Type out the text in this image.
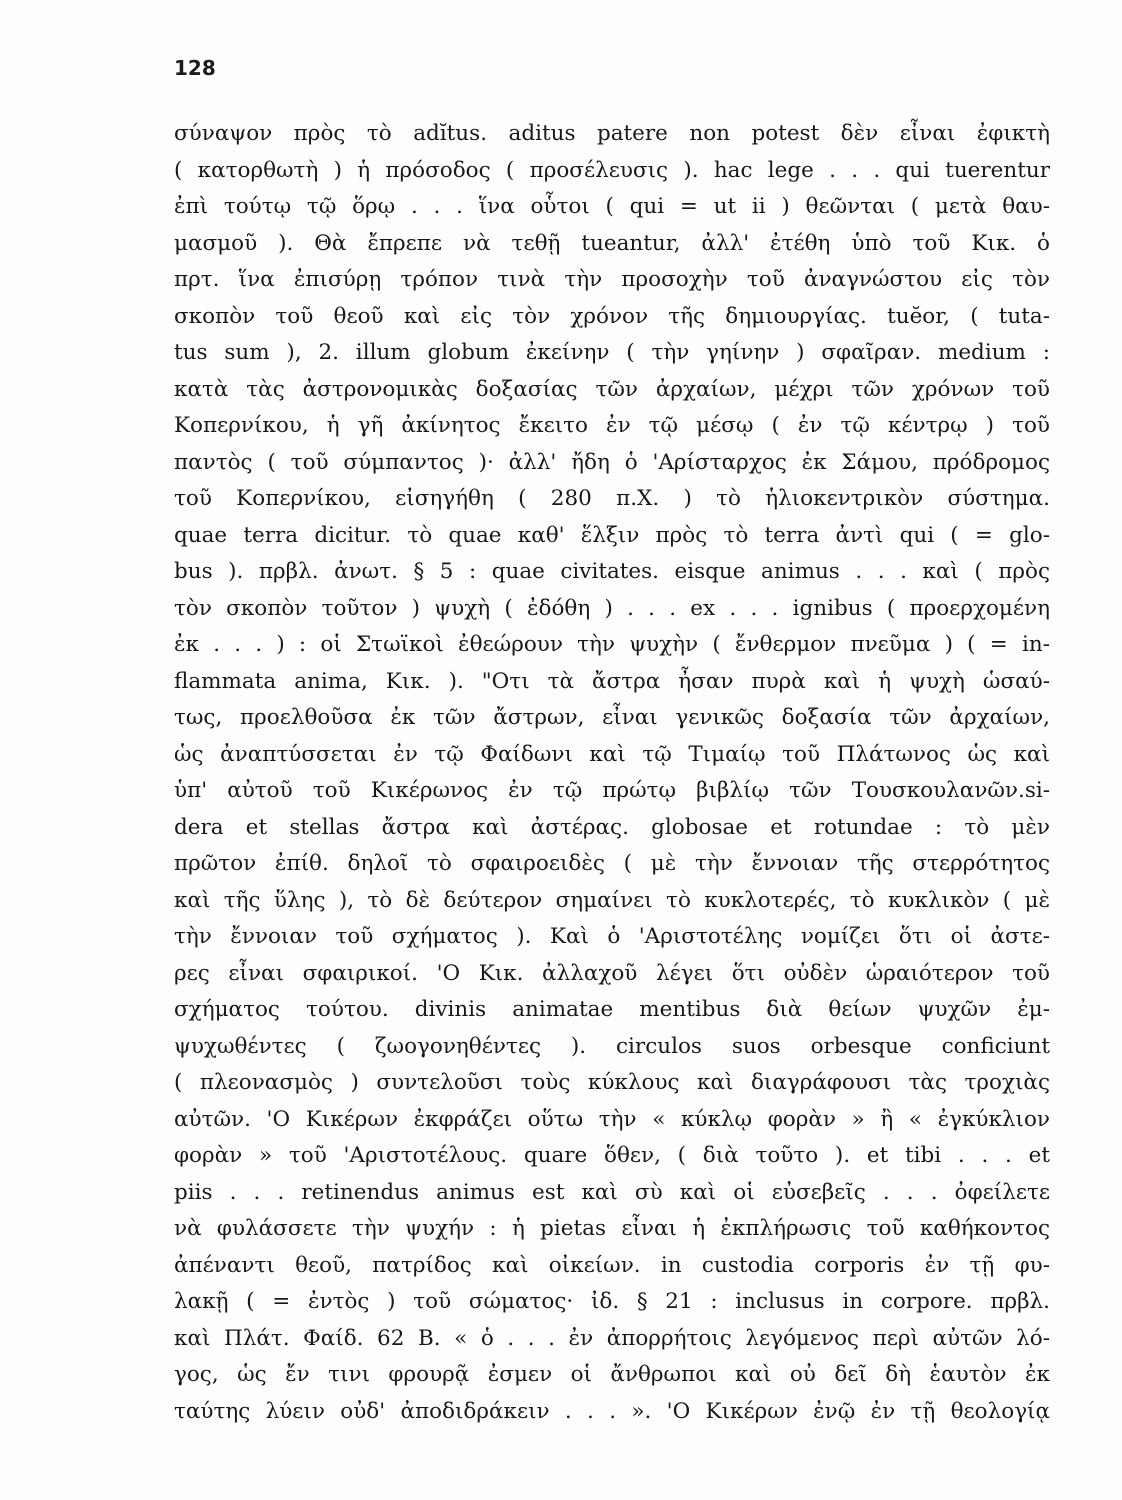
128
σύναψον πρὸς τὸ adĭtus. aditus patere non potest δὲν εἶναι ἐφικτὴ
( κατορθωτὴ ) ἡ πρόσοδος ( προσέλευσις ). hac lege . . . qui tuerentur
ἐπὶ τούτῳ τῷ ὅρῳ . . . ἵνα οὗτοι ( qui = ut ii ) θεῶνται ( μετὰ θαυ-
μασμοῦ ). Θὰ ἔπρεπε νὰ τεθῇ tueantur, ἀλλ' ἐτέθη ὑπὸ τοῦ Κικ. ὁ
πρτ. ἵνα ἐπισύρῃ τρόπον τινὰ τὴν προσοχὴν τοῦ ἀναγνώστου εἰς τὸν
σκοπὸν τοῦ θεοῦ καὶ εἰς τὸν χρόνον τῆς δημιουργίας. tuĕor, ( tuta-
tus sum ), 2. illum globum ἐκείνην ( τὴν γηίνην ) σφαῖραν. medium :
κατὰ τὰς ἀστρονομικὰς δοξασίας τῶν ἀρχαίων, μέχρι τῶν χρόνων τοῦ
Κοπερνίκου, ἡ γῆ ἀκίνητος ἔκειτο ἐν τῷ μέσῳ ( ἐν τῷ κέντρῳ ) τοῦ
παντὸς ( τοῦ σύμπαντος )· ἀλλ' ἤδη ὁ 'Αρίσταρχος ἐκ Σάμου, πρόδρομος
τοῦ Κοπερνίκου, εἰσηγήθη ( 280 π.Χ. ) τὸ ἡλιοκεντρικὸν σύστημα.
quae terra dicitur. τὸ quae καθ' ἕλξιν πρὸς τὸ terra ἀντὶ qui ( = glo-
bus ). πρβλ. ἀνωτ. § 5 : quae civitates. eisque animus . . . καὶ ( πρὸς
τὸν σκοπὸν τοῦτον ) ψυχὴ ( ἐδόθη ) . . . ex . . . ignibus ( προερχομένη
ἐκ . . . ) : οἱ Στωϊκοὶ ἐθεώρουν τὴν ψυχὴν ( ἔνθερμον πνεῦμα ) ( = in-
flammata anima, Κικ. ). "Οτι τὰ ἄστρα ἦσαν πυρὰ καὶ ἡ ψυχὴ ὡσαύ-
τως, προελθοῦσα ἐκ τῶν ἄστρων, εἶναι γενικῶς δοξασία τῶν ἀρχαίων,
ὡς ἀναπτύσσεται ἐν τῷ Φαίδωνι καὶ τῷ Τιμαίῳ τοῦ Πλάτωνος ὡς καὶ
ὑπ' αὐτοῦ τοῦ Κικέρωνος ἐν τῷ πρώτῳ βιβλίῳ τῶν Τουσκουλανῶν.si-
dera et stellas ἄστρα καὶ ἀστέρας. globosae et rotundae : τὸ μὲν
πρῶτον ἐπίθ. δηλοῖ τὸ σφαιροειδὲς ( μὲ τὴν ἔννοιαν τῆς στερρότητος
καὶ τῆς ὕλης ), τὸ δὲ δεύτερον σημαίνει τὸ κυκλοτερές, τὸ κυκλικὸν ( μὲ
τὴν ἔννοιαν τοῦ σχήματος ). Καὶ ὁ 'Αριστοτέλης νομίζει ὅτι οἱ ἀστε-
ρες εἶναι σφαιρικοί. 'Ο Κικ. ἀλλαχοῦ λέγει ὅτι οὐδὲν ὡραιότερον τοῦ
σχήματος τούτου. divinis animatae mentibus διὰ θείων ψυχῶν ἐμ-
ψυχωθέντες ( ζωογονηθέντες ). circulos suos orbesque conficiunt
( πλεονασμὸς ) συντελοῦσι τοὺς κύκλους καὶ διαγράφουσι τὰς τροχιὰς
αὐτῶν. 'Ο Κικέρων ἐκφράζει οὕτω τὴν « κύκλῳ φορὰν » ἢ « ἐγκύκλιον
φορὰν » τοῦ 'Αριστοτέλους. quare ὅθεν, ( διὰ τοῦτο ). et tibi . . . et
piis . . . retinendus animus est καὶ σὺ καὶ οἱ εὐσεβεῖς . . . ὀφείλετε
νὰ φυλάσσετε τὴν ψυχήν : ἡ pietas εἶναι ἡ ἐκπλήρωσις τοῦ καθήκοντος
ἀπέναντι θεοῦ, πατρίδος καὶ οἰκείων. in custodia corporis ἐν τῇ φυ-
λακῇ ( = ἐντὸς ) τοῦ σώματος· ἰδ. § 21 : inclusus in corpore. πρβλ.
καὶ Πλάτ. Φαίδ. 62 Β. « ὁ . . . ἐν ἀπορρήτοις λεγόμενος περὶ αὐτῶν λό-
γος, ὡς ἔν τινι φρουρᾷ ἐσμεν οἱ ἄνθρωποι καὶ οὐ δεῖ δὴ ἑαυτὸν ἐκ
ταύτης λύειν οὐδ' ἀποδιδράκειν . . . ». 'Ο Κικέρων ἐνῷ ἐν τῇ θεολογίᾳ
